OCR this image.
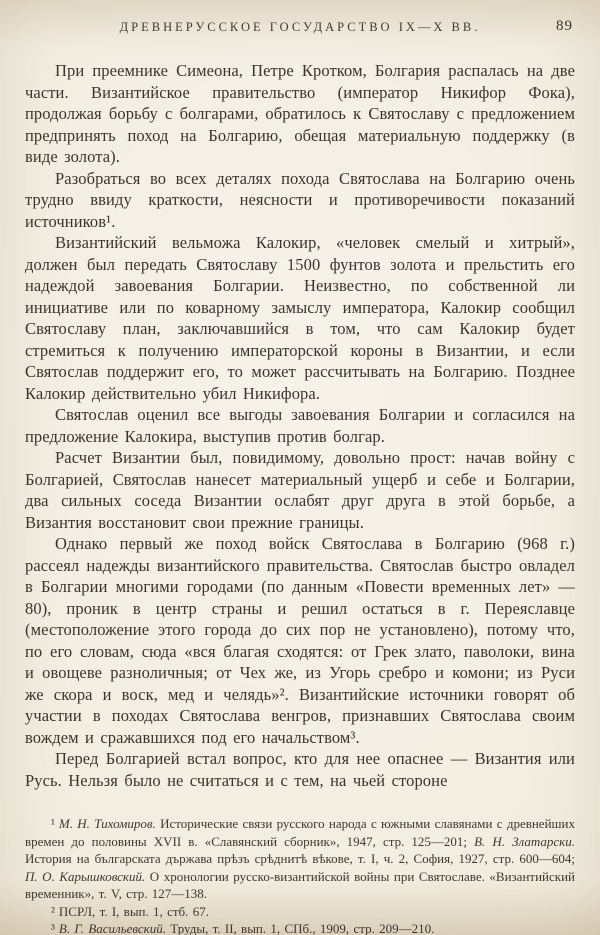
ДРЕВНЕРУССКОЕ ГОСУДАРСТВО IX—X ВВ.	89

При преемнике Симеона, Петре Кротком, Болгария распалась на две части. Византийское правительство (император Никифор Фока), продолжая борьбу с болгарами, обратилось к Святославу с предложением предпринять поход на Болгарию, обещая материальную поддержку (в виде золота).

Разобраться во всех деталях похода Святослава на Болгарию очень трудно ввиду краткости, неясности и противоречивости показаний источников¹.

Византийский вельможа Калокир, «человек смелый и хитрый», должен был передать Святославу 1500 фунтов золота и прельстить его надеждой завоевания Болгарии. Неизвестно, по собственной ли инициативе или по коварному замыслу императора, Калокир сообщил Святославу план, заключавшийся в том, что сам Калокир будет стремиться к получению императорской короны в Византии, и если Святослав поддержит его, то может рассчитывать на Болгарию. Позднее Калокир действительно убил Никифора.

Святослав оценил все выгоды завоевания Болгарии и согласился на предложение Калокира, выступив против болгар.

Расчет Византии был, повидимому, довольно прост: начав войну с Болгарией, Святослав нанесет материальный ущерб и себе и Болгарии, два сильных соседа Византии ослабят друг друга в этой борьбе, а Византия восстановит свои прежние границы.

Однако первый же поход войск Святослава в Болгарию (968 г.) рассеял надежды византийского правительства. Святослав быстро овладел в Болгарии многими городами (по данным «Повести временных лет» — 80), проник в центр страны и решил остаться в г. Переяславце (местоположение этого города до сих пор не установлено), потому что, по его словам, сюда «вся благая сходятся: от Грек злато, паволоки, вина и овощеве разноличныя; от Чех же, из Угорь сребро и комони; из Руси же скора и воск, мед и челядь»². Византийские источники говорят об участии в походах Святослава венгров, признавших Святослава своим вождем и сражавшихся под его начальством³.

Перед Болгарией встал вопрос, кто для нее опаснее — Византия или Русь. Нельзя было не считаться и с тем, на чьей стороне

¹ М. Н. Тихомиров. Исторические связи русского народа с южными славянами с древнейших времен до половины XVII в. «Славянский сборник», 1947, стр. 125—201; В. Н. Златарски. История на българската държава прѣзъ срѣднитѣ вѣкове, т. I, ч. 2, София, 1927, стр. 600—604; П. О. Карышковский. О хронологии русско-византийской войны при Святославе. «Византийский временник», т. V, стр. 127—138.

² ПСРЛ, т. I, вып. 1, стб. 67.

³ В. Г. Васильевский. Труды, т. II, вып. 1, СПб., 1909, стр. 209—210.
